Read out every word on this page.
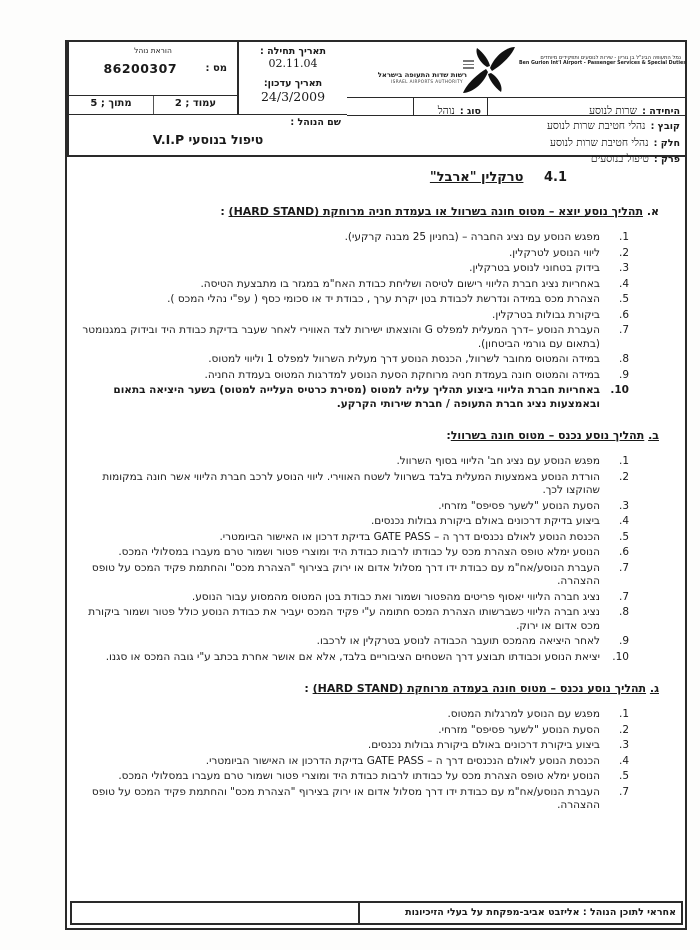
הוראת נוהל
מס :
86200307
עמוד ; 2
מתוך ; 5
תאריך תחילה :
02.11.04
תאריך עדכון:
24/3/2009
שם הנוהל :
טיפול בנוסעי V.I.P
רשות שדות התעופה בישראל
ISRAEL AIRPORTS AUTHORITY
נמל התעופה הבינ"ל בן גוריון - שירות לנוסעים ותפקידים מיוחדים
Ben Gurion Int'l Airport - Passenger Services & Special Duties
היחידה : שרות לנוסע
סוג : נוהל
קובץ : נהלי חטיבת שרות לנוסע
חלק : נהלי חטיבת שרות לנוסע
פרק : טיפול בנוסעים
4.1 טרקלין "ארבל"
א. תהליך נוסע יוצא – מטוס חונה בשרוול או בעמדת חניה מרוחקת (HARD STAND) :
1.
מפגש הנוסע עם נציג החברה – (בחניון 25 מבנה קרקעי).
2.
ליווי הנוסע לטרקלין.
3.
בידוק בטחוני לנוסע בטרקלין.
4.
באחריות נציג חברת הליווי רישום לטיסה ושליחת כבודת האח"מ במגזר בו מתבצעת הטיסה.
5.
הצהרת מכס במידה ונדרשת לכבודת בטן יקרת ערך , כבודת יד או סכומי כסף ( עפ"י נהלי המכס ).
6.
ביקורת גבולות בטרקלין.
7.
העברת הנוסע –דרך המעלית למפלס G והוצאתו ישירות לצד האווירי לאחר שעבר בדיקת כבודת היד ובידוק במגנומטר (בתאום עם גורמי הביטחון).
8.
במידה והמטוס מחובר לשרוול, הכנסת הנוסע דרך מעלית השרוול למפלס 1 וליווי למטוס.
9.
במידה והמטוס חונה בעמדת חניה מרוחקת הסעת הנוסע למדרגות המטוס בעמדת החניה.
10.
באחריות חברת הליווי ביצוע תהליך עליה למטוס (מסירת כרטיס העלייה למטוס) בשער היציאה בתאום ובאמצעות נציג חברת התעופה / חברת שירותי הקרקע.
ב. תהליך נוסע נכנס – מטוס חונה בשרוול:
1.
מפגש הנוסע עם נציג חב' הליווי בסוף השרוול.
2.
הורדת הנוסע באמצעות המעלית בלבד בשרוול לשטח האווירי. ליווי הנוסע לרכב חברת הליווי אשר חונה במקומות שהוקצו לכך.
3.
הסעת הנוסע "לשער פסיפס" מזרחי.
4.
ביצוע בדיקת דרכונים באולם ביקורת גבולות נכנסים.
5.
הכנסת הנוסע לאולם נכנסים דרך ה – GATE PASS בדיקת דרכון או האישור הביומטרי.
6.
הנוסע ימלא טופס הצהרת מכס על כבודתו לרבות כבודת היד ומוצרי פטור ושמור טרם מעברו במסלולי המכס.
7.
העברת הנוסע/אח"מ עם כבודת ידו דרך מסלול אדום או ירוק בצירוף "הצהרת מכס" והחתמת פקיד המכס על טופס ההצהרה.
7.
נציג חברה הליווי יאסוף פריטים מהפטור ושמור ואת כבודת בטן המטוס מהמסוע עבור הנוסע.
8.
נציג חברה הליווי כשברשותו הצהרת המכס חתומה ע"י פקיד המכס יעביר את כבודת הנוסע כולל פטור ושמור ביקורת מכס אדום או ירוק.
9.
לאחר היציאה מהמכס תועבר הכבודה לנוסע בטרקלין או לרכבו.
10.
יציאת הנוסע וכבודתו תבוצע דרך השטחים הציבוריים בלבד, אלא אם אושר אחרת בכתב ע"י גובה המכס או סגנו.
ג. תהליך נוסע נכנס – מטוס חונה בעמדה מרוחקת (HARD STAND) :
1.
מפגש עם הנוסע למרגלות המטוס.
2.
הסעת הנוסע "לשער פסיפס" מזרחי.
3.
ביצוע ביקורת דרכונים באולם ביקורת גבולות נכנסים.
4.
הכנסת הנוסע לאולם הנכנסים דרך ה – GATE PASS בדיקת הדרכון או האישור הביומטרי.
5.
הנוסע ימלא טופס הצהרת מכס על כבודתו לרבות כבודת היד ומוצרי פטור ושמור טרם מעברו במסלולי המכס.
7.
העברת הנוסע/אח"מ עם כבודת ידו דרך מסלול אדום או ירוק בצירוף "הצהרת מכס" והחתמת פקיד המכס על טופס ההצהרה.
אחראי לתוכן הנוהל : אליזבט אביב-מפקחת על בעלי הזיכיונות
